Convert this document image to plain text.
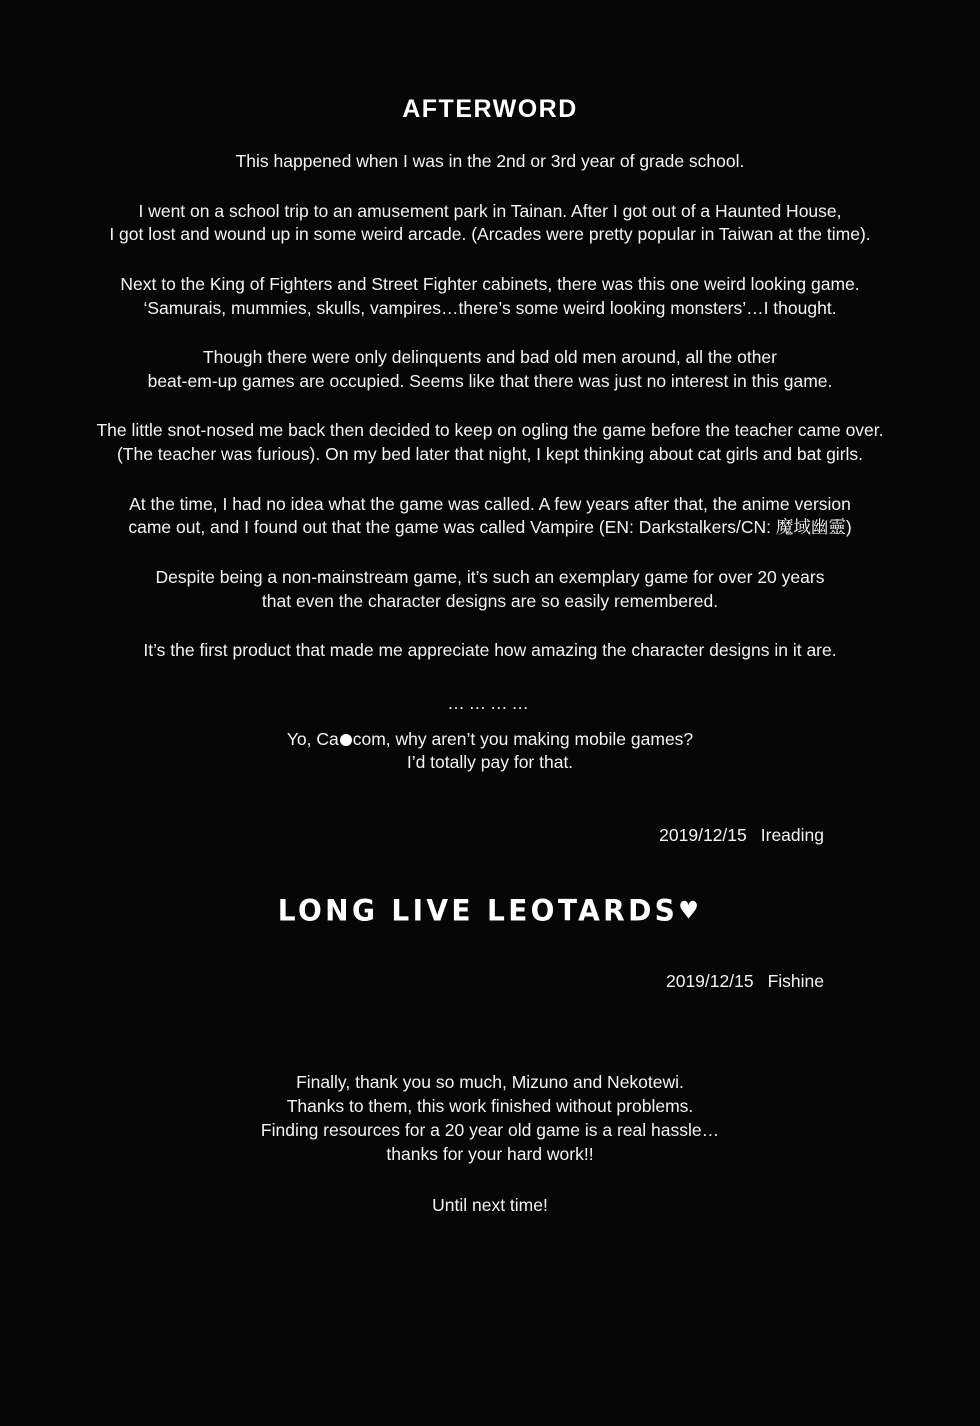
AFTERWORD

This happened when I was in the 2nd or 3rd year of grade school.

I went on a school trip to an amusement park in Tainan. After I got out of a Haunted House,

I got lost and wound up in some weird arcade. (Arcades were pretty popular in Taiwan at the time).

Next to the King of Fighters and Street Fighter cabinets, there was this one weird looking game.

‘Samurais, mummies, skulls, vampires…there’s some weird looking monsters’…I thought.

Though there were only delinquents and bad old men around, all the other

beat-em-up games are occupied. Seems like that there was just no interest in this game.

The little snot-nosed me back then decided to keep on ogling the game before the teacher came over.

(The teacher was furious). On my bed later that night, I kept thinking about cat girls and bat girls.

At the time, I had no idea what the game was called. A few years after that, the anime version

came out, and I found out that the game was called Vampire (EN: Darkstalkers/CN: 魔域幽靈)

Despite being a non-mainstream game, it’s such an exemplary game for over 20 years

that even the character designs are so easily remembered.

It’s the first product that made me appreciate how amazing the character designs in it are.

…………

Yo, Ca com, why aren’t you making mobile games?

I’d totally pay for that.

2019/12/15 Ireading
LONG LIVE LEOTARDS♥
2019/12/15 Fishine

Finally, thank you so much, Mizuno and Nekotewi.

Thanks to them, this work finished without problems.

Finding resources for a 20 year old game is a real hassle…

thanks for your hard work!!

Until next time!
